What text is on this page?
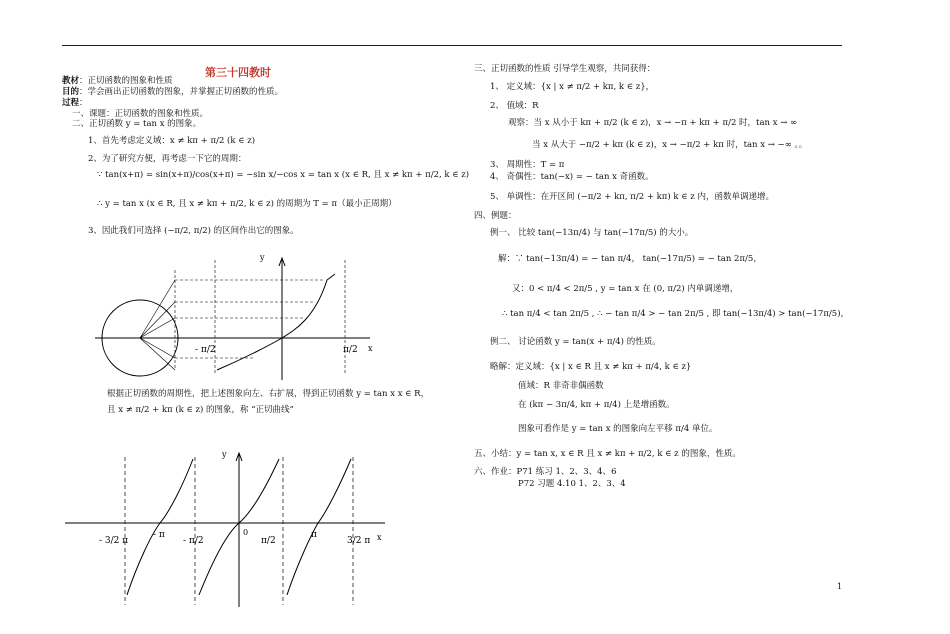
第三十四教时
教材：正切函数的图象和性质
目的：学会画出正切函数的图象，并掌握正切函数的性质。
过程：
一、课题：正切函数的图象和性质。
二、正切函数 y = tan x 的图象。
1、首先考虑定义域：x ≠ kπ + π/2 (k ∈ z)
2、为了研究方便，再考虑一下它的周期：
∵ tan(x+π) = sin(x+π)/cos(x+π) = −sin x/−cos x = tan x (x ∈ R, 且 x ≠ kπ + π/2, k ∈ z)
∴ y = tan x (x ∈ R, 且 x ≠ kπ + π/2, k ∈ z) 的周期为 T = π（最小正周期）
3、因此我们可选择 (−π/2, π/2) 的区间作出它的图象。
y
x
- π/2	π/2
根据正切函数的周期性，把上述图象向左、右扩展，得到正切函数 y = tan x x ∈ R，
且 x ≠ π/2 + kπ (k ∈ z) 的图象，称 “正切曲线”
y
x
0
- 3/2 π
- π
- π/2	π/2
π
3/2 π
三、正切函数的性质 引导学生观察，共同获得：
1、 定义域：{x | x ≠ π/2 + kπ, k ∈ z}，
2、 值域：R
观察：当 x 从小于 kπ + π/2 (k ∈ z)，x → −π + kπ + π/2 时，tan x → ∞
当 x 从大于 −π/2 + kπ (k ∈ z)，x → −π/2 + kπ 时，tan x → −∞ 。。
3、 周期性：T = π
4、 奇偶性：tan(−x) = − tan x 奇函数。
5、 单调性：在开区间 (−π/2 + kπ, π/2 + kπ) k ∈ z 内，函数单调递增。
四、例题：
例一、 比较 tan(−13π/4) 与 tan(−17π/5) 的大小。
解：∵ tan(−13π/4) = − tan π/4， tan(−17π/5) = − tan 2π/5，
又：0 < π/4 < 2π/5 , y = tan x 在 (0, π/2) 内单调递增，
∴ tan π/4 < tan 2π/5 , ∴ − tan π/4 > − tan 2π/5 , 即 tan(−13π/4) > tan(−17π/5)，
例二、 讨论函数 y = tan(x + π/4) 的性质。
略解：定义域：{x | x ∈ R 且 x ≠ kπ + π/4, k ∈ z}
值域：R 非奇非偶函数
在 (kπ − 3π/4, kπ + π/4) 上是增函数。
图象可看作是 y = tan x 的图象向左平移 π/4 单位。
五、小结：y = tan x, x ∈ R 且 x ≠ kπ + π/2, k ∈ z 的图象，性质。
六、作业：P71 练习 1、2、3、4、6
P72 习题 4.10 1、2、3、4
1
